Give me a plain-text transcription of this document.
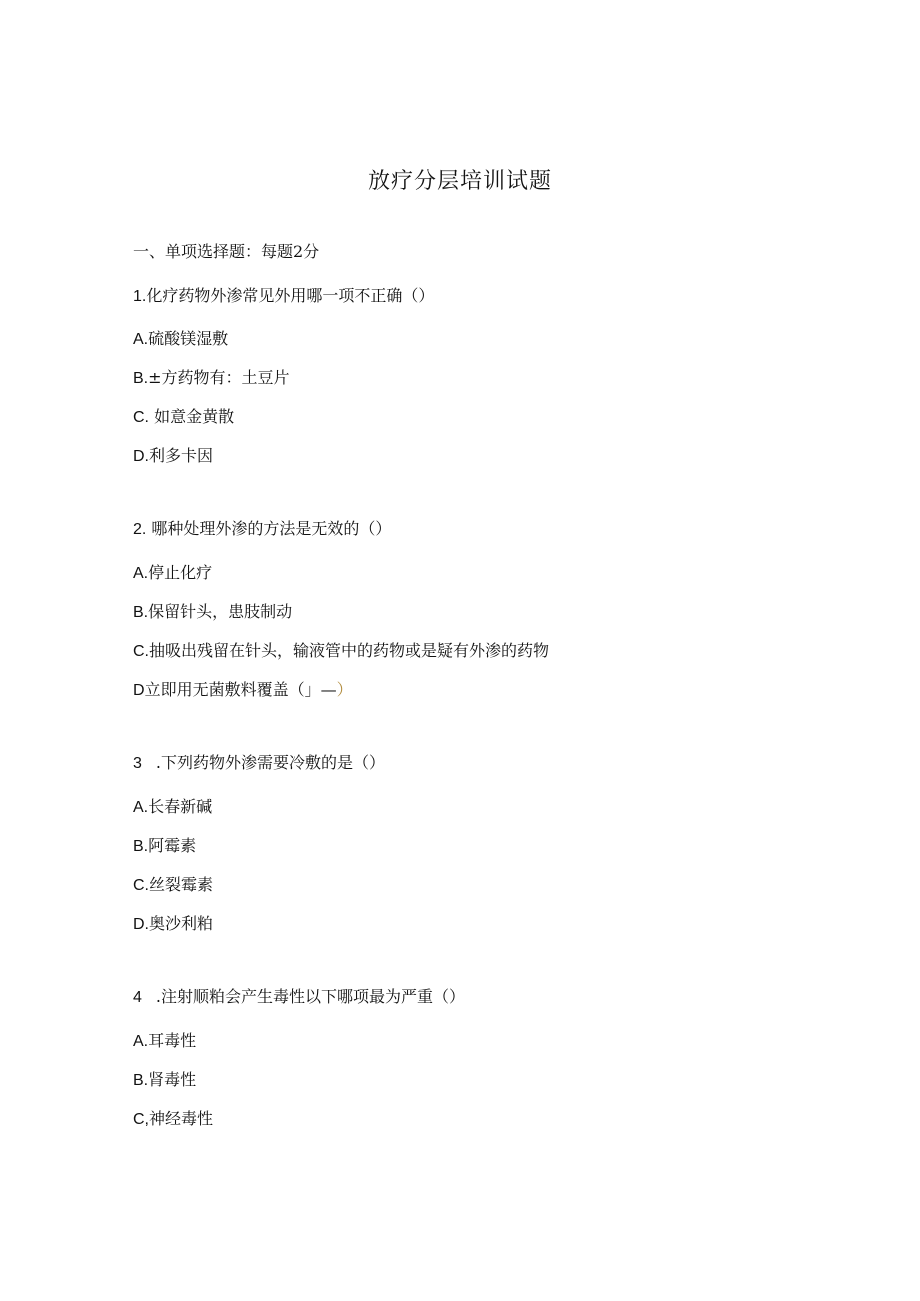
放疗分层培训试题
一、单项选择题：每题2分
1.化疗药物外渗常见外用哪一项不正确（）
A.硫酸镁湿敷
B.±方药物有：土豆片
C. 如意金黄散
D.利多卡因
2. 哪种处理外渗的方法是无效的（）
A.停止化疗
B.保留针头，患肢制动
C.抽吸出残留在针头，输液管中的药物或是疑有外渗的药物
D立即用无菌敷料覆盖（」—）
3 .下列药物外渗需要冷敷的是（）
A.长春新碱
B.阿霉素
C.丝裂霉素
D.奥沙利粕
4 .注射顺粕会产生毒性以下哪项最为严重（）
A.耳毒性
B.肾毒性
C,神经毒性
